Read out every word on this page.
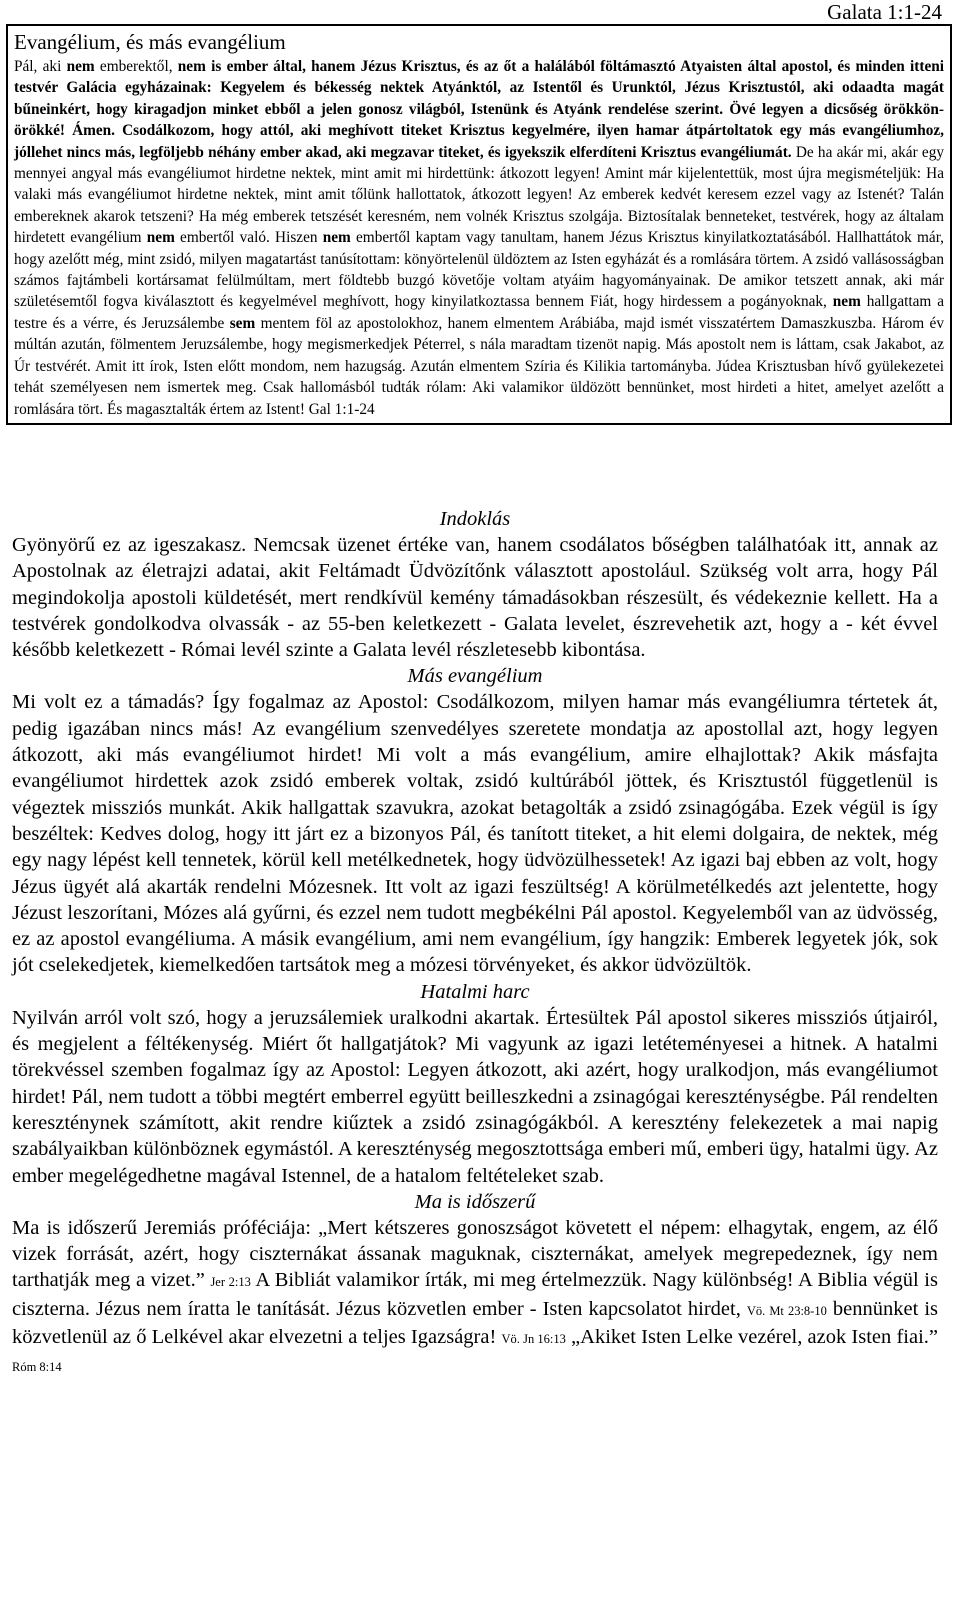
Galata 1:1-24
Evangélium, és más evangélium

Pál, aki nem emberektől, nem is ember által, hanem Jézus Krisztus, és az őt a halálából föltámasztó Atyaisten által apostol, és minden itteni testvér Galácia egyházainak: Kegyelem és békesség nektek Atyánktól, az Istentől és Urunktól, Jézus Krisztustól, aki odaadta magát bűneinkért, hogy kiragadjon minket ebből a jelen gonosz világból, Istenünk és Atyánk rendelése szerint. Övé legyen a dicsőség örökkön-örökké! Ámen. Csodálkozom, hogy attól, aki meghívott titeket Krisztus kegyelmére, ilyen hamar átpártoltatok egy más evangéliumhoz, jóllehet nincs más, legföljebb néhány ember akad, aki megzavar titeket, és igyekszik elferdíteni Krisztus evangéliumát. De ha akár mi, akár egy mennyei angyal más evangéliumot hirdetne nektek, mint amit mi hirdettünk: átkozott legyen! Amint már kijelentettük, most újra megismételjük: Ha valaki más evangéliumot hirdetne nektek, mint amit tőlünk hallottatok, átkozott legyen! Az emberek kedvét keresem ezzel vagy az Istenét? Talán embereknek akarok tetszeni? Ha még emberek tetszését keresném, nem volnék Krisztus szolgája. Biztosítalak benneteket, testvérek, hogy az általam hirdetett evangélium nem embertől való. Hiszen nem embertől kaptam vagy tanultam, hanem Jézus Krisztus kinyilatkoztatásából. Hallhattátok már, hogy azelőtt még, mint zsidó, milyen magatartást tanúsítottam: könyörtelenül üldöztem az Isten egyházát és a romlására törtem. A zsidó vallásosságban számos fajtámbeli kortársamat felülmúltam, mert földtebb buzgó követője voltam atyáim hagyományainak. De amikor tetszett annak, aki már születésemtől fogva kiválasztott és kegyelmével meghívott, hogy kinyilatkoztassa bennem Fiát, hogy hirdessem a pogányoknak, nem hallgattam a testre és a vérre, és Jeruzsálembe sem mentem föl az apostolokhoz, hanem elmentem Arábiába, majd ismét visszatértem Damaszkuszba. Három év múltán azután, fölmentem Jeruzsálembe, hogy megismerkedjek Péterrel, s nála maradtam tizenöt napig. Más apostolt nem is láttam, csak Jakabot, az Úr testvérét. Amit itt írok, Isten előtt mondom, nem hazugság. Azután elmentem Szíria és Kilikia tartományba. Júdea Krisztusban hívő gyülekezetei tehát személyesen nem ismertek meg. Csak hallomásból tudták rólam: Aki valamikor üldözött bennünket, most hirdeti a hitet, amelyet azelőtt a romlására tört. És magasztalták értem az Istent! Gal 1:1-24

Indoklás

Gyönyörű ez az igeszakasz. Nemcsak üzenet értéke van, hanem csodálatos bőségben találhatóak itt, annak az Apostolnak az életrajzi adatai, akit Feltámadt Üdvözítőnk választott apostolául. Szükség volt arra, hogy Pál megindokolja apostoli küldetését, mert rendkívül kemény támadásokban részesült, és védekeznie kellett. Ha a testvérek gondolkodva olvassák - az 55-ben keletkezett - Galata levelet, észrevehetik azt, hogy a - két évvel később keletkezett - Római levél szinte a Galata levél részletesebb kibontása.

Más evangélium

Mi volt ez a támadás? Így fogalmaz az Apostol: Csodálkozom, milyen hamar más evangéliumra tértetek át, pedig igazában nincs más! Az evangélium szenvedélyes szeretete mondatja az apostollal azt, hogy legyen átkozott, aki más evangéliumot hirdet! Mi volt a más evangélium, amire elhajlottak? Akik másfajta evangéliumot hirdettek azok zsidó emberek voltak, zsidó kultúrából jöttek, és Krisztustól függetlenül is végeztek missziós munkát. Akik hallgattak szavukra, azokat betagolták a zsidó zsinagógába. Ezek végül is így beszéltek: Kedves dolog, hogy itt járt ez a bizonyos Pál, és tanított titeket, a hit elemi dolgaira, de nektek, még egy nagy lépést kell tennetek, körül kell metélkednetek, hogy üdvözülhessetek! Az igazi baj ebben az volt, hogy Jézus ügyét alá akarták rendelni Mózesnek. Itt volt az igazi feszültség! A körülmetélkedés azt jelentette, hogy Jézust leszorítani, Mózes alá gyűrni, és ezzel nem tudott megbékélni Pál apostol. Kegyelemből van az üdvösség, ez az apostol evangéliuma. A másik evangélium, ami nem evangélium, így hangzik: Emberek legyetek jók, sok jót cselekedjetek, kiemelkedően tartsátok meg a mózesi törvényeket, és akkor üdvözültök.

Hatalmi harc

Nyilván arról volt szó, hogy a jeruzsálemiek uralkodni akartak. Értesültek Pál apostol sikeres missziós útjairól, és megjelent a féltékenység. Miért őt hallgatjátok? Mi vagyunk az igazi letéteményesei a hitnek. A hatalmi törekvéssel szemben fogalmaz így az Apostol: Legyen átkozott, aki azért, hogy uralkodjon, más evangéliumot hirdet! Pál, nem tudott a többi megtért emberrel együtt beilleszkedni a zsinagógai kereszténységbe. Pál rendelten kereszténynek számított, akit rendre kiűztek a zsidó zsinagógákból. A keresztény felekezetek a mai napig szabályaikban különböznek egymástól. A kereszténység megosztottsága emberi mű, emberi ügy, hatalmi ügy. Az ember megelégedhetne magával Istennel, de a hatalom feltételeket szab.

Ma is időszerű

Ma is időszerű Jeremiás próféciája: „Mert kétszeres gonoszságot követett el népem: elhagytak, engem, az élő vizek forrását, azért, hogy ciszternákat ássanak maguknak, ciszternákat, amelyek megrepedeznek, így nem tarthatják meg a vizet.” Jer 2:13 A Bibliát valamikor írták, mi meg értelmezzük. Nagy különbség! A Biblia végül is ciszterna. Jézus nem íratta le tanítását. Jézus közvetlen ember - Isten kapcsolatot hirdet, Vö. Mt 23:8-10 bennünket is közvetlenül az ő Lelkével akar elvezetni a teljes Igazságra! Vö. Jn 16:13 „Akiket Isten Lelke vezérel, azok Isten fiai.” Róm 8:14
